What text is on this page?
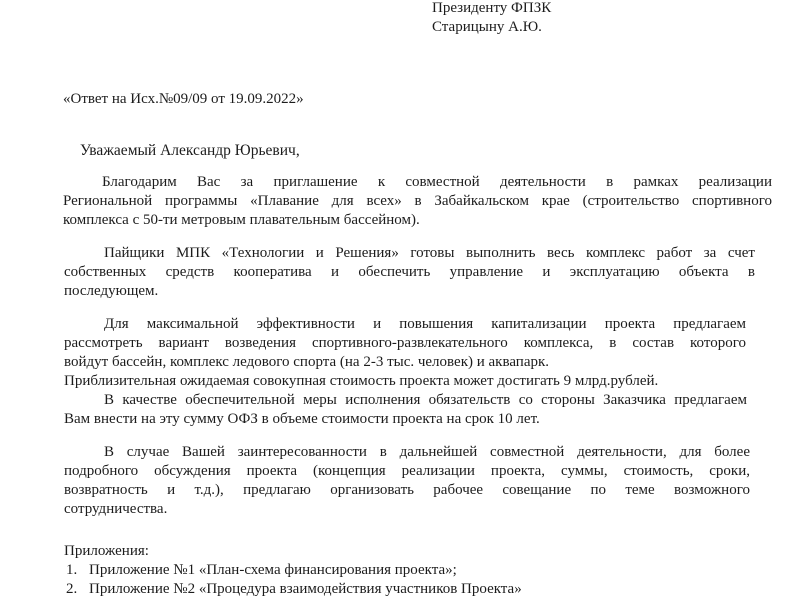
Президенту ФПЗК
Старицыну А.Ю.
«Ответ на Исх.№09/09 от 19.09.2022»
Уважаемый Александр Юрьевич,
Благодарим Вас за приглашение к совместной деятельности в рамках реализации
Региональной программы «Плавание для всех» в Забайкальском крае (строительство спортивного
комплекса с 50-ти метровым плавательным бассейном).
Пайщики МПК «Технологии и Решения» готовы выполнить весь комплекс работ за счет
собственных средств кооператива и обеспечить управление и эксплуатацию объекта в
последующем.
Для максимальной эффективности и повышения капитализации проекта предлагаем
рассмотреть вариант возведения спортивного-развлекательного комплекса, в состав которого
войдут бассейн, комплекс ледового спорта (на 2-3 тыс. человек) и аквапарк.
Приблизительная ожидаемая совокупная стоимость проекта может достигать 9 млрд.рублей.
В качестве обеспечительной меры исполнения обязательств со стороны Заказчика предлагаем
Вам внести на эту сумму ОФЗ в объеме стоимости проекта на срок 10 лет.
В случае Вашей заинтересованности в дальнейшей совместной деятельности, для более
подробного обсуждения проекта (концепция реализации проекта, суммы, стоимость, сроки,
возвратность и т.д.), предлагаю организовать рабочее совещание по теме возможного
сотрудничества.
Приложения:
1. Приложение №1 «План-схема финансирования проекта»;
2. Приложение №2 «Процедура взаимодействия участников Проекта»
